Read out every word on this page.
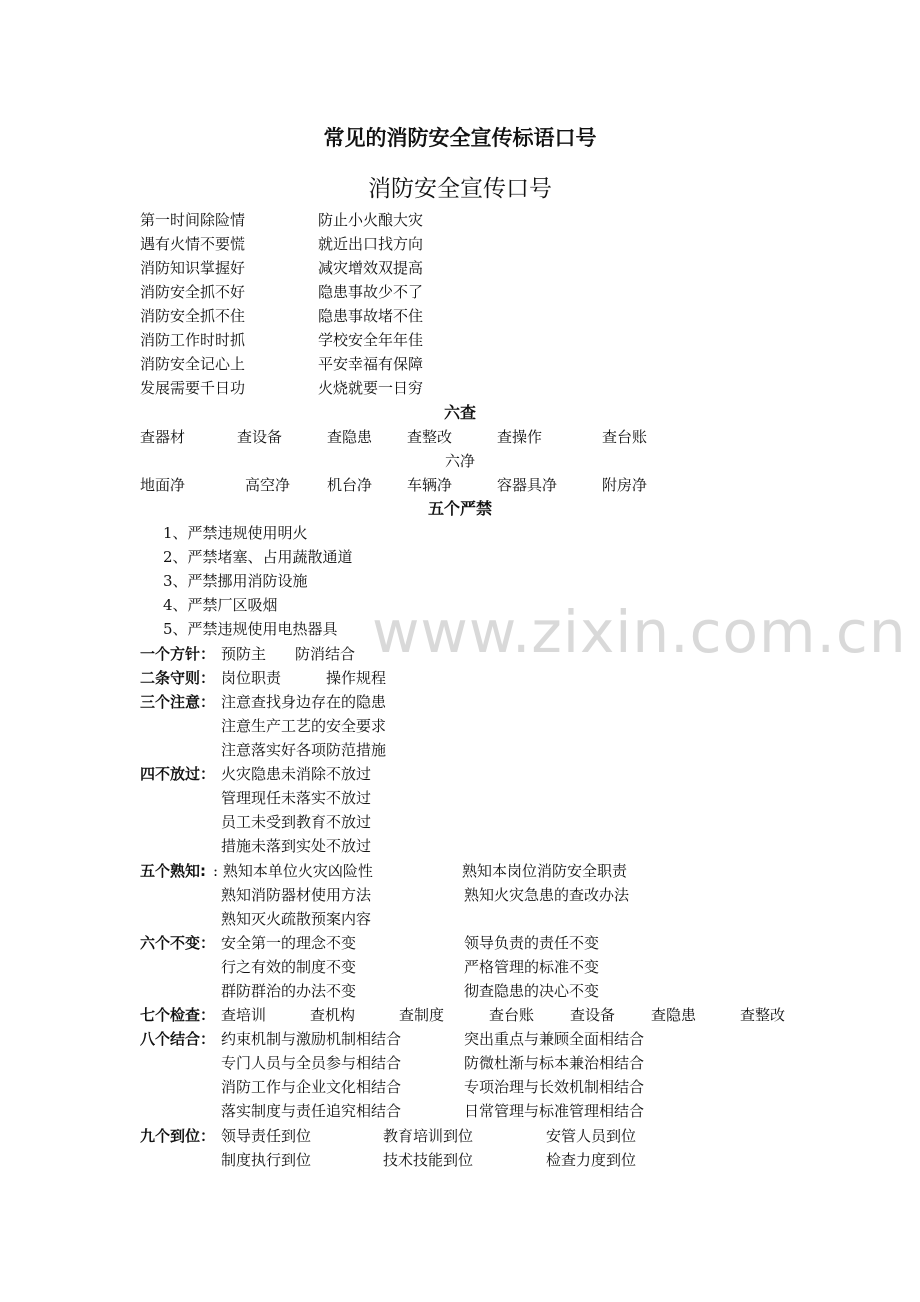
常见的消防安全宣传标语口号
消防安全宣传口号
第一时间除险情	防止小火酿大灾
遇有火情不要慌	就近出口找方向
消防知识掌握好	减灾增效双提高
消防安全抓不好	隐患事故少不了
消防安全抓不住	隐患事故堵不住
消防工作时时抓	学校安全年年佳
消防安全记心上	平安幸福有保障
发展需要千日功	火烧就要一日穷
六查
查器材	查设备	查隐患 查整改	查操作	查台账
六净
地面净	高空净 机台净 车辆净	容器具净	附房净
五个严禁
1、严禁违规使用明火
2、严禁堵塞、占用蔬散通道
3、严禁挪用消防设施
4、严禁厂区吸烟
5、严禁违规使用电热器具
一个方针： 预防主 防消结合
二条守则： 岗位职责	操作规程
三个注意： 注意查找身边存在的隐患
注意生产工艺的安全要求
注意落实好各项防范措施
四不放过： 火灾隐患未消除不放过
管理现任未落实不放过
员工未受到教育不放过
措施未落到实处不放过
五个熟知: : 熟知本单位火灾凶险性	熟知本岗位消防安全职责
熟知消防器材使用方法	熟知火灾急患的查改办法
熟知灭火疏散预案内容
六个不变： 安全第一的理念不变	领导负责的责任不变
行之有效的制度不变	严格管理的标准不变
群防群治的办法不变	彻查隐患的决心不变
七个检查： 查培训	查机构	查制度	查台账 查设备 查隐患	查整改
八个结合： 约束机制与激励机制相结合	突出重点与兼顾全面相结合
专门人员与全员参与相结合	防微杜渐与标本兼治相结合
消防工作与企业文化相结合	专项治理与长效机制相结合
落实制度与责任追究相结合	日常管理与标准管理相结合
九个到位： 领导责任到位	教育培训到位	安管人员到位
制度执行到位	技术技能到位	检查力度到位
www.zixin.com.cn
